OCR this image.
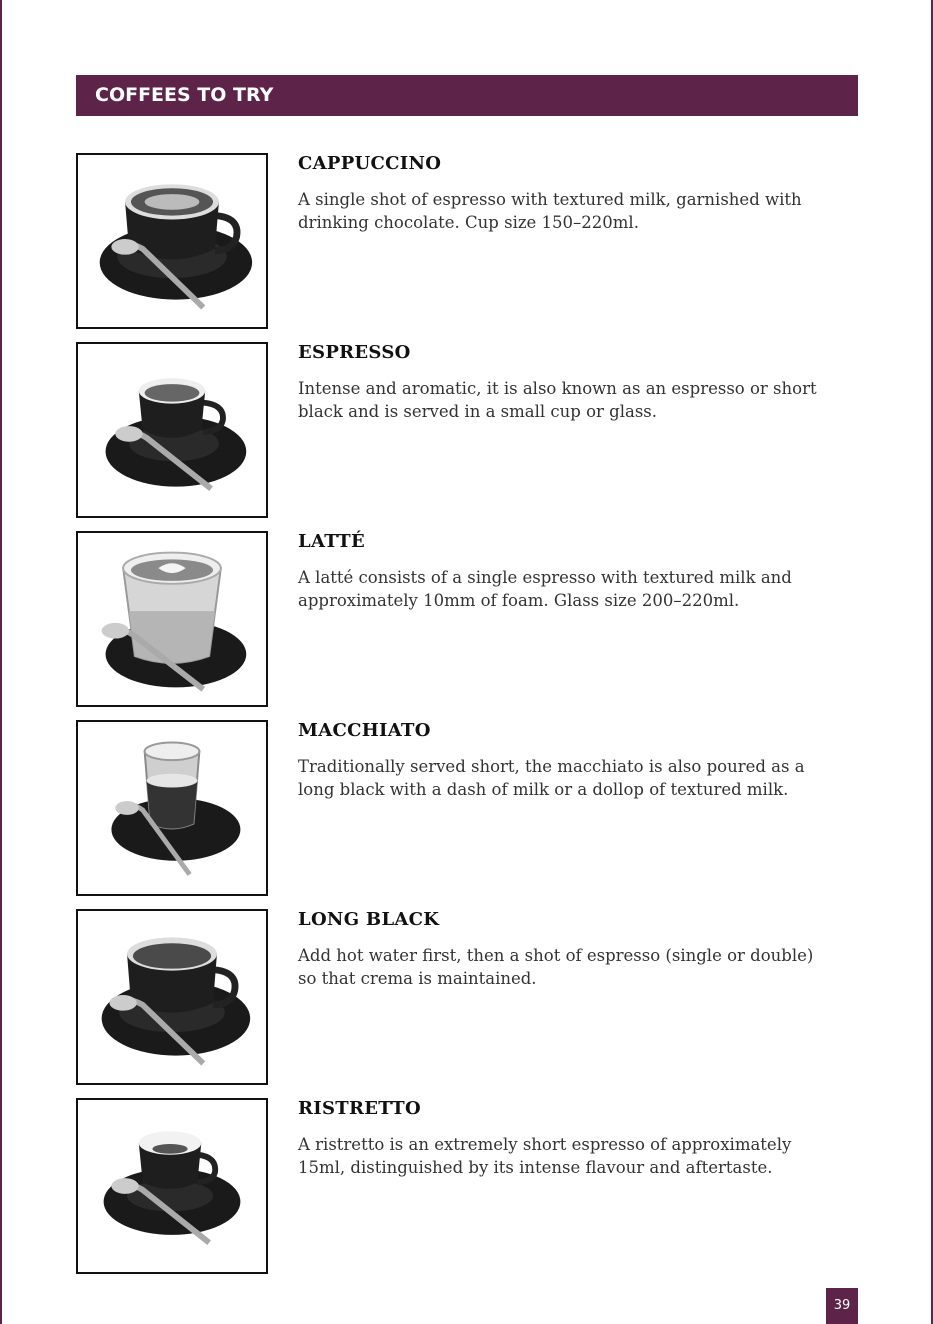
COFFEES TO TRY
CAPPUCCINO
A single shot of espresso with textured milk, garnished with drinking chocolate. Cup size 150–220ml.
ESPRESSO
Intense and aromatic, it is also known as an espresso or short black and is served in a small cup or glass.
LATTÉ
A latté consists of a single espresso with textured milk and approximately 10mm of foam. Glass size 200–220ml.
MACCHIATO
Traditionally served short, the macchiato is also poured as a long black with a dash of milk or a dollop of textured milk.
LONG BLACK
Add hot water first, then a shot of espresso (single or double) so that crema is maintained.
RISTRETTO
A ristretto is an extremely short espresso of approximately 15ml, distinguished by its intense flavour and aftertaste.
39
